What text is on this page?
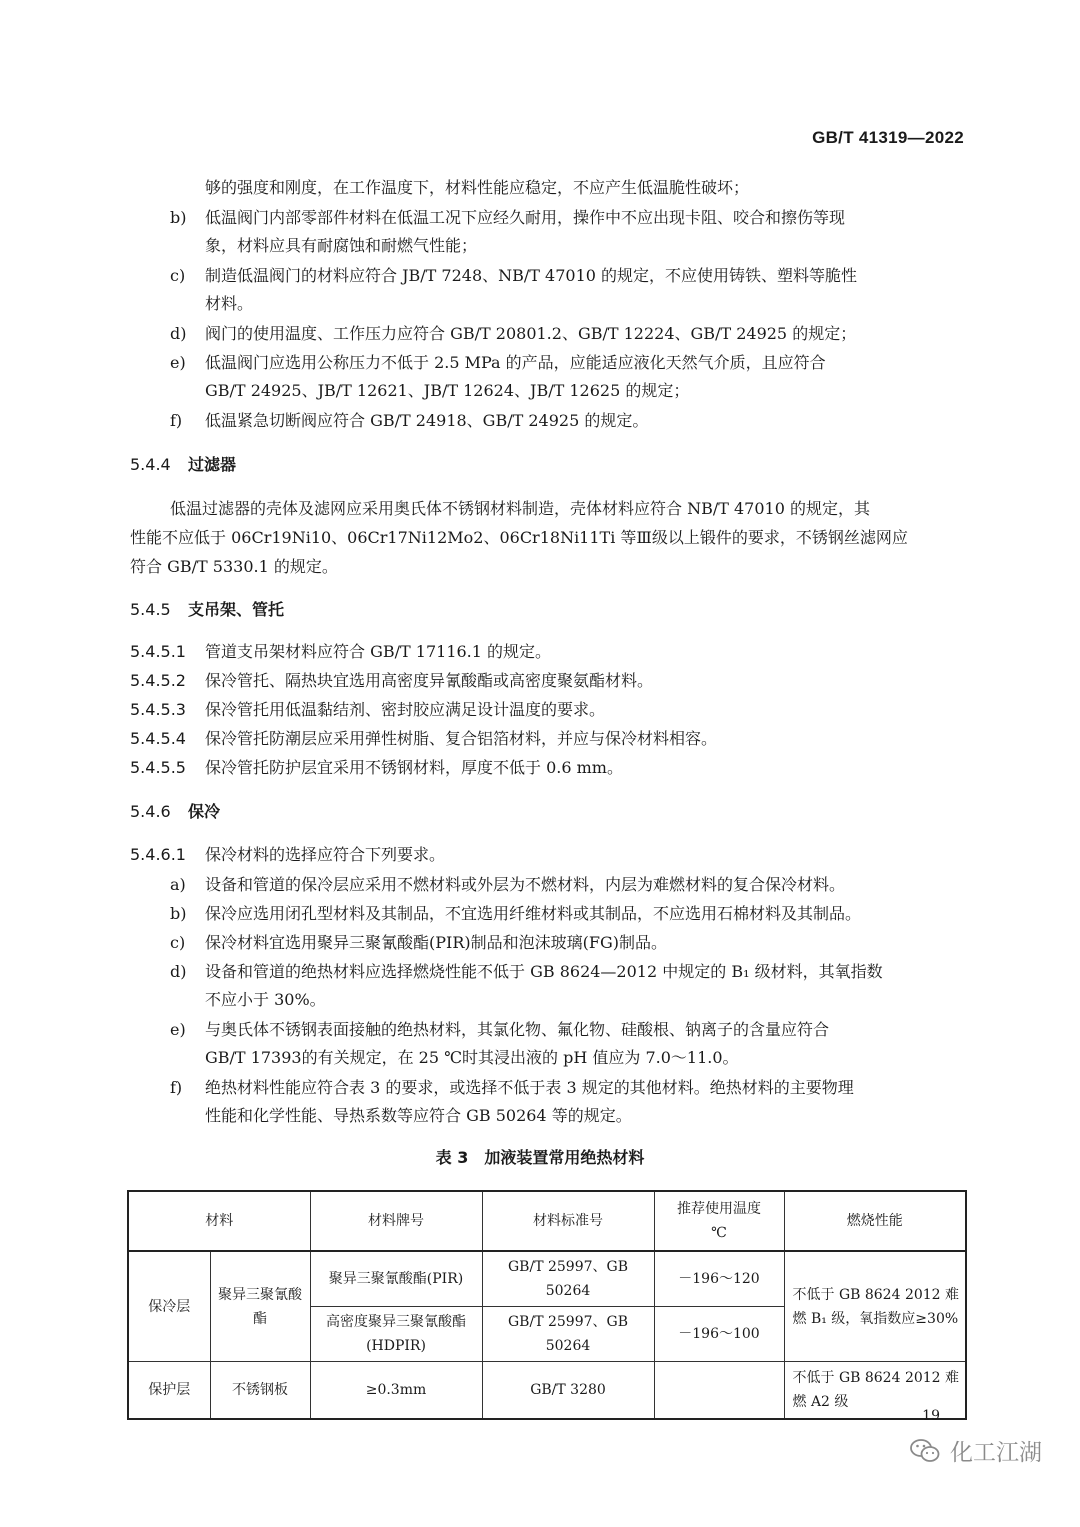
GB/T 41319—2022
够的强度和刚度，在工作温度下，材料性能应稳定，不应产生低温脆性破坏；
b) 低温阀门内部零部件材料在低温工况下应经久耐用，操作中不应出现卡阻、咬合和擦伤等现
象，材料应具有耐腐蚀和耐燃气性能；
c) 制造低温阀门的材料应符合 JB/T 7248、NB/T 47010 的规定，不应使用铸铁、塑料等脆性
材料。
d) 阀门的使用温度、工作压力应符合 GB/T 20801.2、GB/T 12224、GB/T 24925 的规定；
e) 低温阀门应选用公称压力不低于 2.5 MPa 的产品，应能适应液化天然气介质，且应符合
GB/T 24925、JB/T 12621、JB/T 12624、JB/T 12625 的规定；
f) 低温紧急切断阀应符合 GB/T 24918、GB/T 24925 的规定。
5.4.4 过滤器
低温过滤器的壳体及滤网应采用奥氏体不锈钢材料制造，壳体材料应符合 NB/T 47010 的规定，其
性能不应低于 06Cr19Ni10、06Cr17Ni12Mo2、06Cr18Ni11Ti 等Ⅲ级以上锻件的要求，不锈钢丝滤网应
符合 GB/T 5330.1 的规定。
5.4.5 支吊架、管托
5.4.5.1 管道支吊架材料应符合 GB/T 17116.1 的规定。
5.4.5.2 保冷管托、隔热块宜选用高密度异氰酸酯或高密度聚氨酯材料。
5.4.5.3 保冷管托用低温黏结剂、密封胶应满足设计温度的要求。
5.4.5.4 保冷管托防潮层应采用弹性树脂、复合铝箔材料，并应与保冷材料相容。
5.4.5.5 保冷管托防护层宜采用不锈钢材料，厚度不低于 0.6 mm。
5.4.6 保冷
5.4.6.1 保冷材料的选择应符合下列要求。
a) 设备和管道的保冷层应采用不燃材料或外层为不燃材料，内层为难燃材料的复合保冷材料。
b) 保冷应选用闭孔型材料及其制品，不宜选用纤维材料或其制品，不应选用石棉材料及其制品。
c) 保冷材料宜选用聚异三聚氰酸酯(PIR)制品和泡沫玻璃(FG)制品。
d) 设备和管道的绝热材料应选择燃烧性能不低于 GB 8624—2012 中规定的 B₁ 级材料，其氧指数
不应小于 30%。
e) 与奥氏体不锈钢表面接触的绝热材料，其氯化物、氟化物、硅酸根、钠离子的含量应符合
GB/T 17393的有关规定，在 25 ℃时其浸出液的 pH 值应为 7.0～11.0。
f) 绝热材料性能应符合表 3 的要求，或选择不低于表 3 规定的其他材料。绝热材料的主要物理
性能和化学性能、导热系数等应符合 GB 50264 等的规定。
表 3 加液装置常用绝热材料
材料		材料牌号	材料标准号	推荐使用温度
℃	燃烧性能
保冷层	聚异三聚氰酸酯	聚异三聚氰酸酯(PIR)	GB/T 25997、GB 50264	－196～120	不低于 GB 8624 2012 难燃 B₁ 级，氧指数应≥30%
		高密度聚异三聚氰酸酯(HDPIR)	GB/T 25997、GB 50264	－196～100	
保护层	不锈钢板	≥0.3mm	GB/T 3280		不低于 GB 8624 2012 难燃 A2 级
19
化工江湖
